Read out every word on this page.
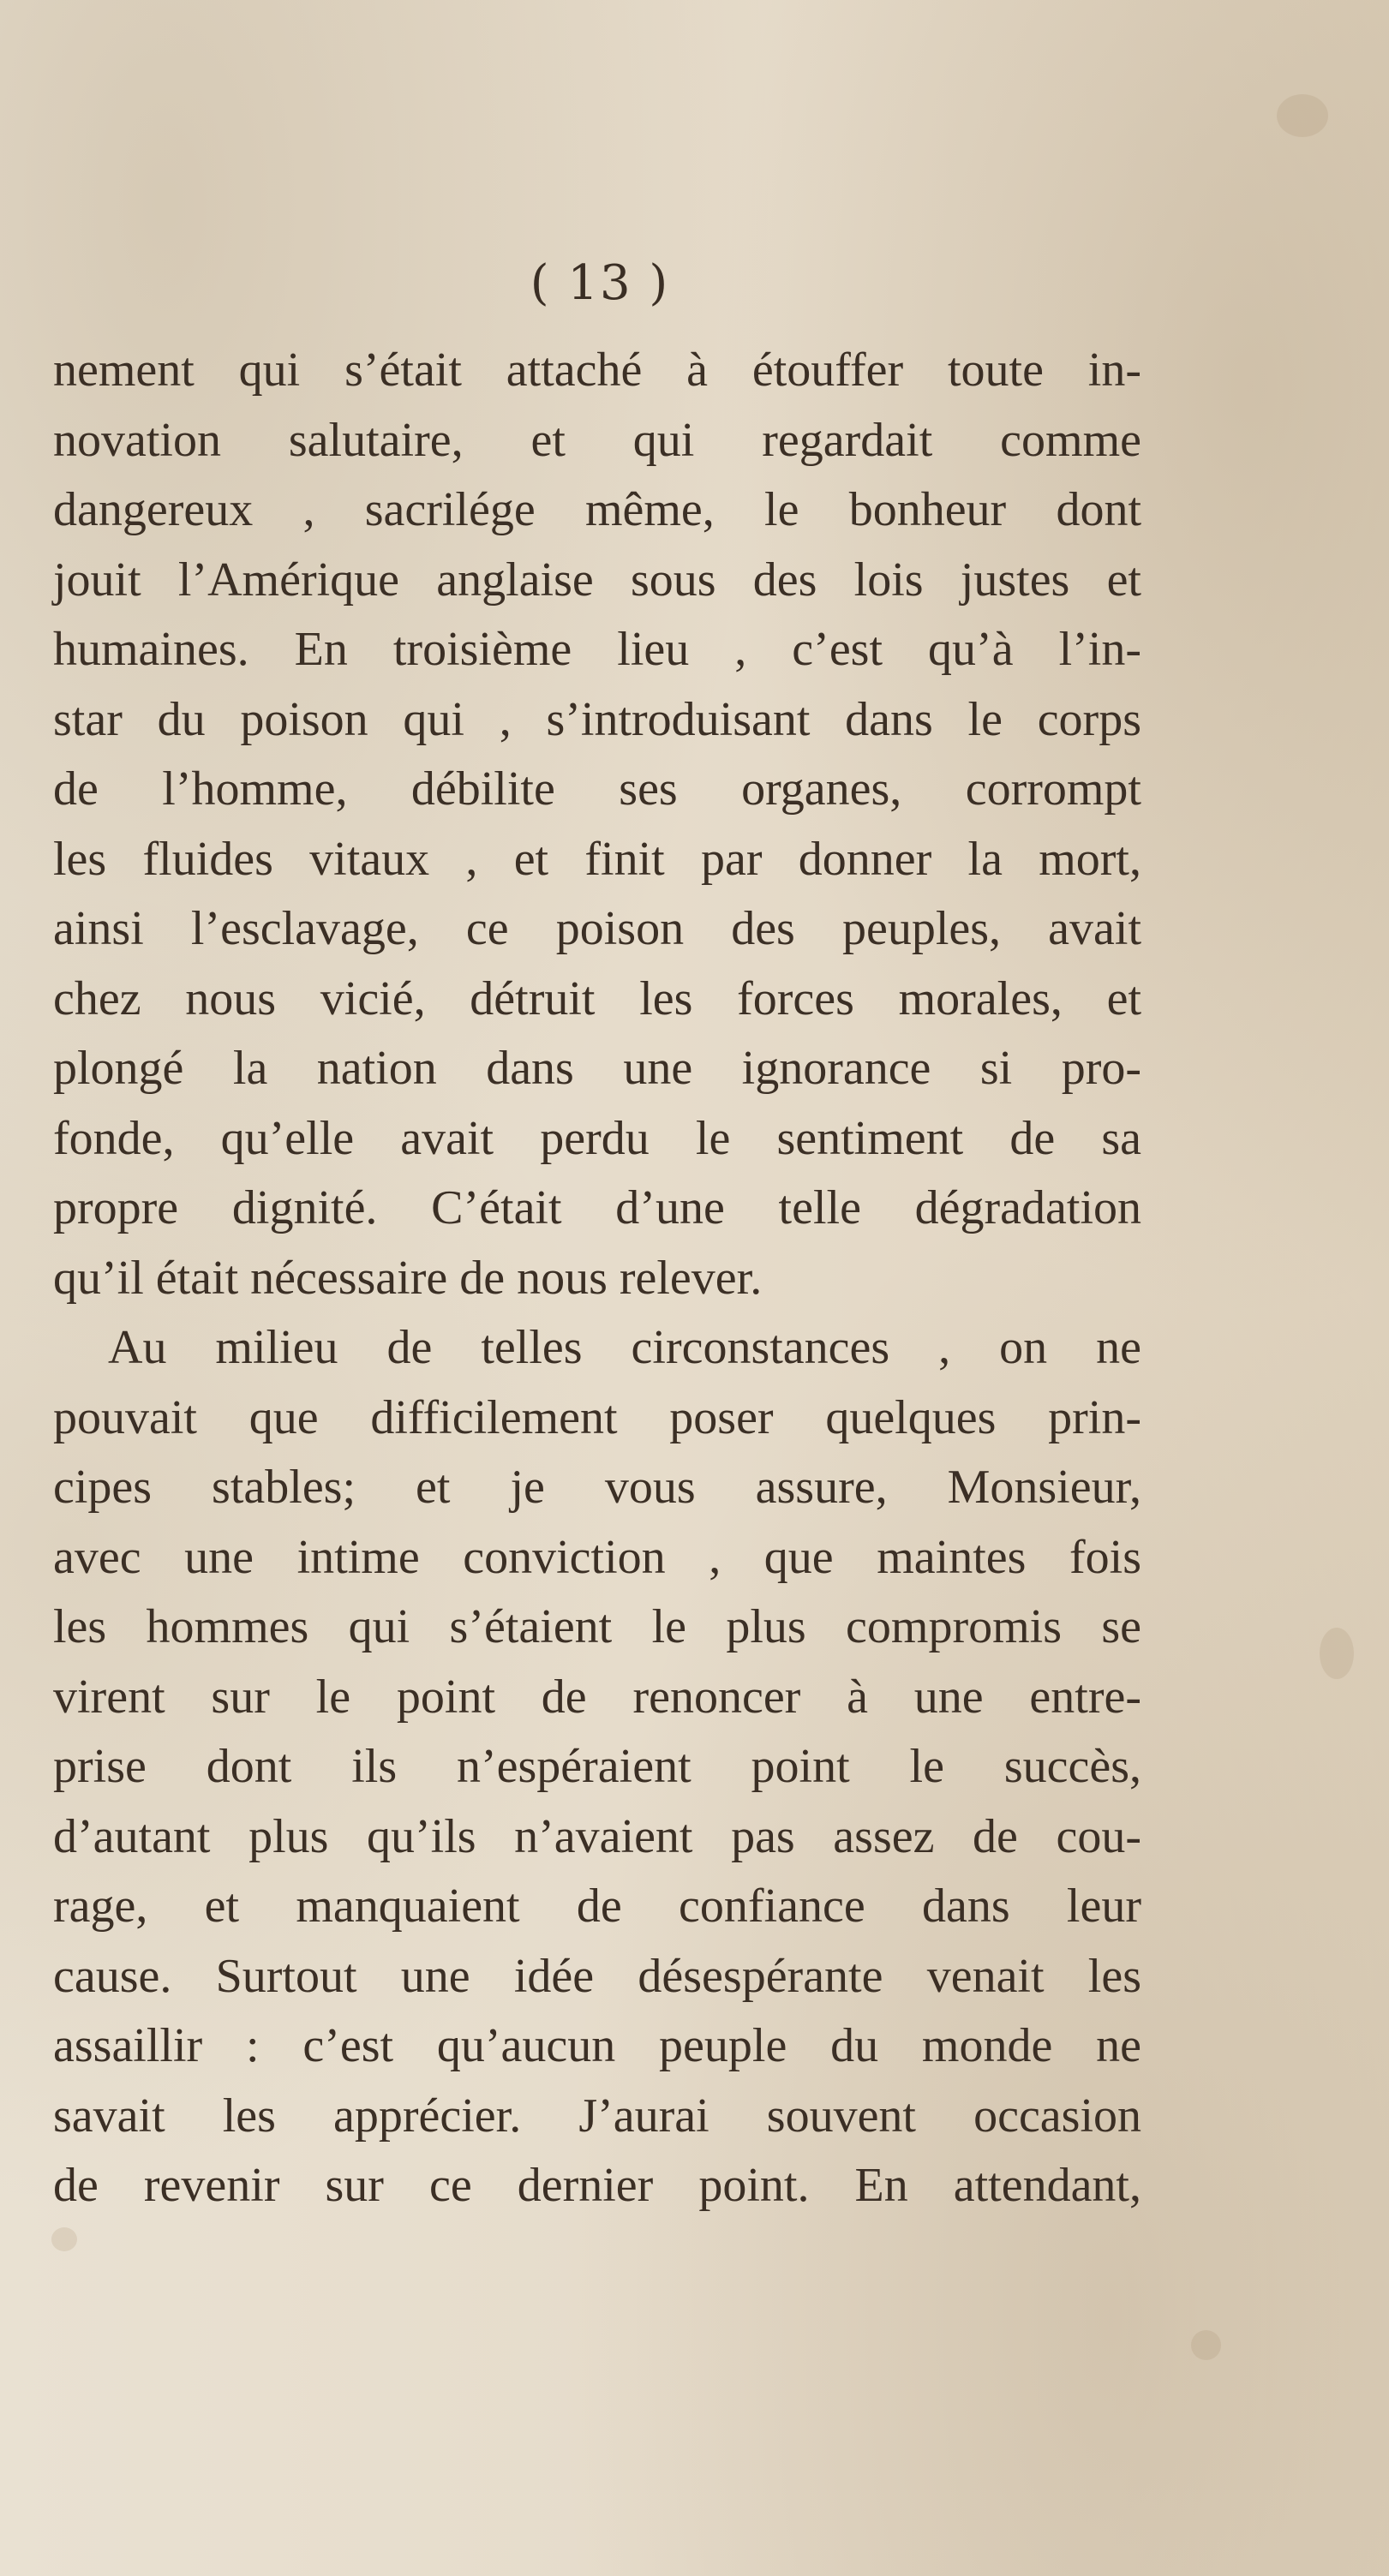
( 13 )
nement qui s’était attaché à étouffer toute in-
novation salutaire, et qui regardait comme
dangereux , sacrilége même, le bonheur dont
jouit l’Amérique anglaise sous des lois justes et
humaines. En troisième lieu , c’est qu’à l’in-
star du poison qui , s’introduisant dans le corps
de l’homme, débilite ses organes, corrompt
les fluides vitaux , et finit par donner la mort,
ainsi l’esclavage, ce poison des peuples, avait
chez nous vicié, détruit les forces morales, et
plongé la nation dans une ignorance si pro-
fonde, qu’elle avait perdu le sentiment de sa
propre dignité. C’était d’une telle dégradation
qu’il était nécessaire de nous relever.
Au milieu de telles circonstances , on ne
pouvait que difficilement poser quelques prin-
cipes stables; et je vous assure, Monsieur,
avec une intime conviction , que maintes fois
les hommes qui s’étaient le plus compromis se
virent sur le point de renoncer à une entre-
prise dont ils n’espéraient point le succès,
d’autant plus qu’ils n’avaient pas assez de cou-
rage, et manquaient de confiance dans leur
cause. Surtout une idée désespérante venait les
assaillir : c’est qu’aucun peuple du monde ne
savait les apprécier. J’aurai souvent occasion
de revenir sur ce dernier point. En attendant,
